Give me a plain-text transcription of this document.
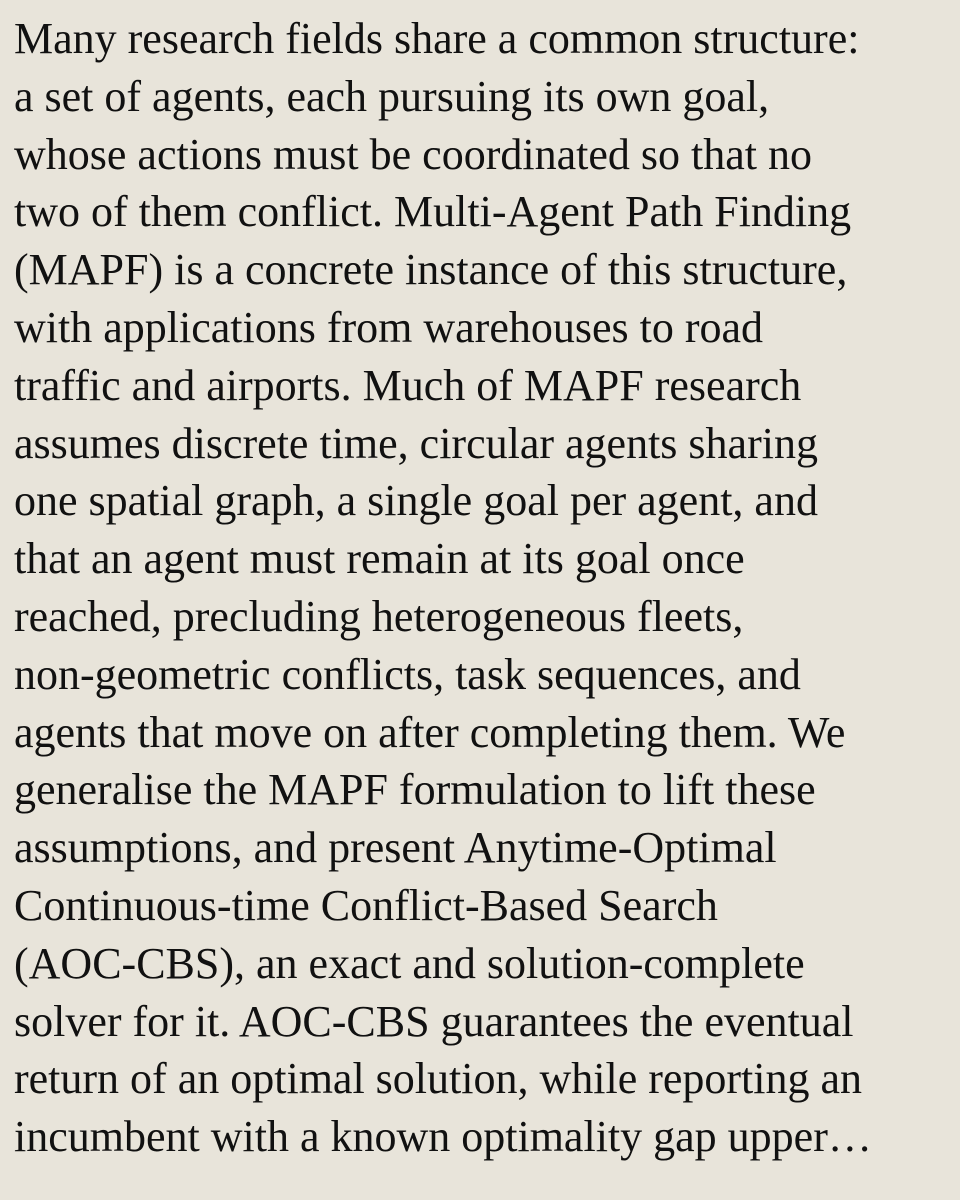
Many research fields share a common structure:
a set of agents, each pursuing its own goal,
whose actions must be coordinated so that no
two of them conflict. Multi-Agent Path Finding
(MAPF) is a concrete instance of this structure,
with applications from warehouses to road
traffic and airports. Much of MAPF research
assumes discrete time, circular agents sharing
one spatial graph, a single goal per agent, and
that an agent must remain at its goal once
reached, precluding heterogeneous fleets,
non-geometric conflicts, task sequences, and
agents that move on after completing them. We
generalise the MAPF formulation to lift these
assumptions, and present Anytime-Optimal
Continuous-time Conflict-Based Search
(AOC-CBS), an exact and solution-complete
solver for it. AOC-CBS guarantees the eventual
return of an optimal solution, while reporting an
incumbent with a known optimality gap upper…
